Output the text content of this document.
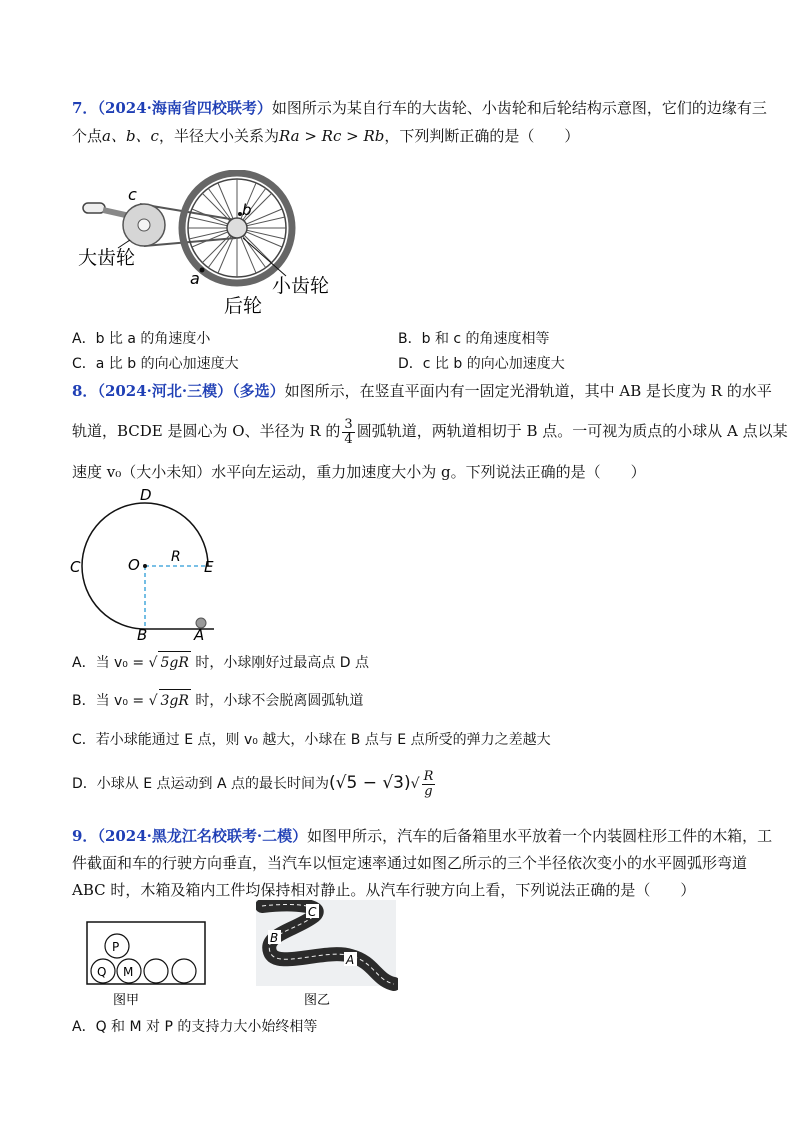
7．（2024·海南省四校联考）如图所示为某自行车的大齿轮、小齿轮和后轮结构示意图，它们的边缘有三
个点a、b、c，半径大小关系为Ra > Rc > Rb，下列判断正确的是（　　）
c
b
a
大齿轮
小齿轮
后轮
A．b 比 a 的角速度小	B．b 和 c 的角速度相等
C．a 比 b 的向心加速度大	D．c 比 b 的向心加速度大
8．（2024·河北·三模）（多选）如图所示，在竖直平面内有一固定光滑轨道，其中 AB 是长度为 R 的水平
轨道，BCDE 是圆心为 O、半径为 R 的 $\frac{3}{4}$ 圆弧轨道，两轨道相切于 B 点。一可视为质点的小球从 A 点以某
速度 v₀（大小未知）水平向左运动，重力加速度大小为 g。下列说法正确的是（　　）
D
C	O R
E
B	A
A．当 v₀ = √ 5gR 时，小球刚好过最高点 D 点
B．当 v₀ = √ 3gR 时，小球不会脱离圆弧轨道
C．若小球能通过 E 点，则 v₀ 越大，小球在 B 点与 E 点所受的弹力之差越大
D．小球从 E 点运动到 A 点的最长时间为$(√5 - √3)√ \frac{R}{g}$
9．（2024·黑龙江名校联考·二模）如图甲所示，汽车的后备箱里水平放着一个内装圆柱形工件的木箱，工
件截面和车的行驶方向垂直，当汽车以恒定速率通过如图乙所示的三个半径依次变小的水平圆弧形弯道
ABC 时，木箱及箱内工件均保持相对静止。从汽车行驶方向上看，下列说法正确的是（　　）
P
Q M
图甲
C
B
A
图乙
A．Q 和 M 对 P 的支持力大小始终相等
